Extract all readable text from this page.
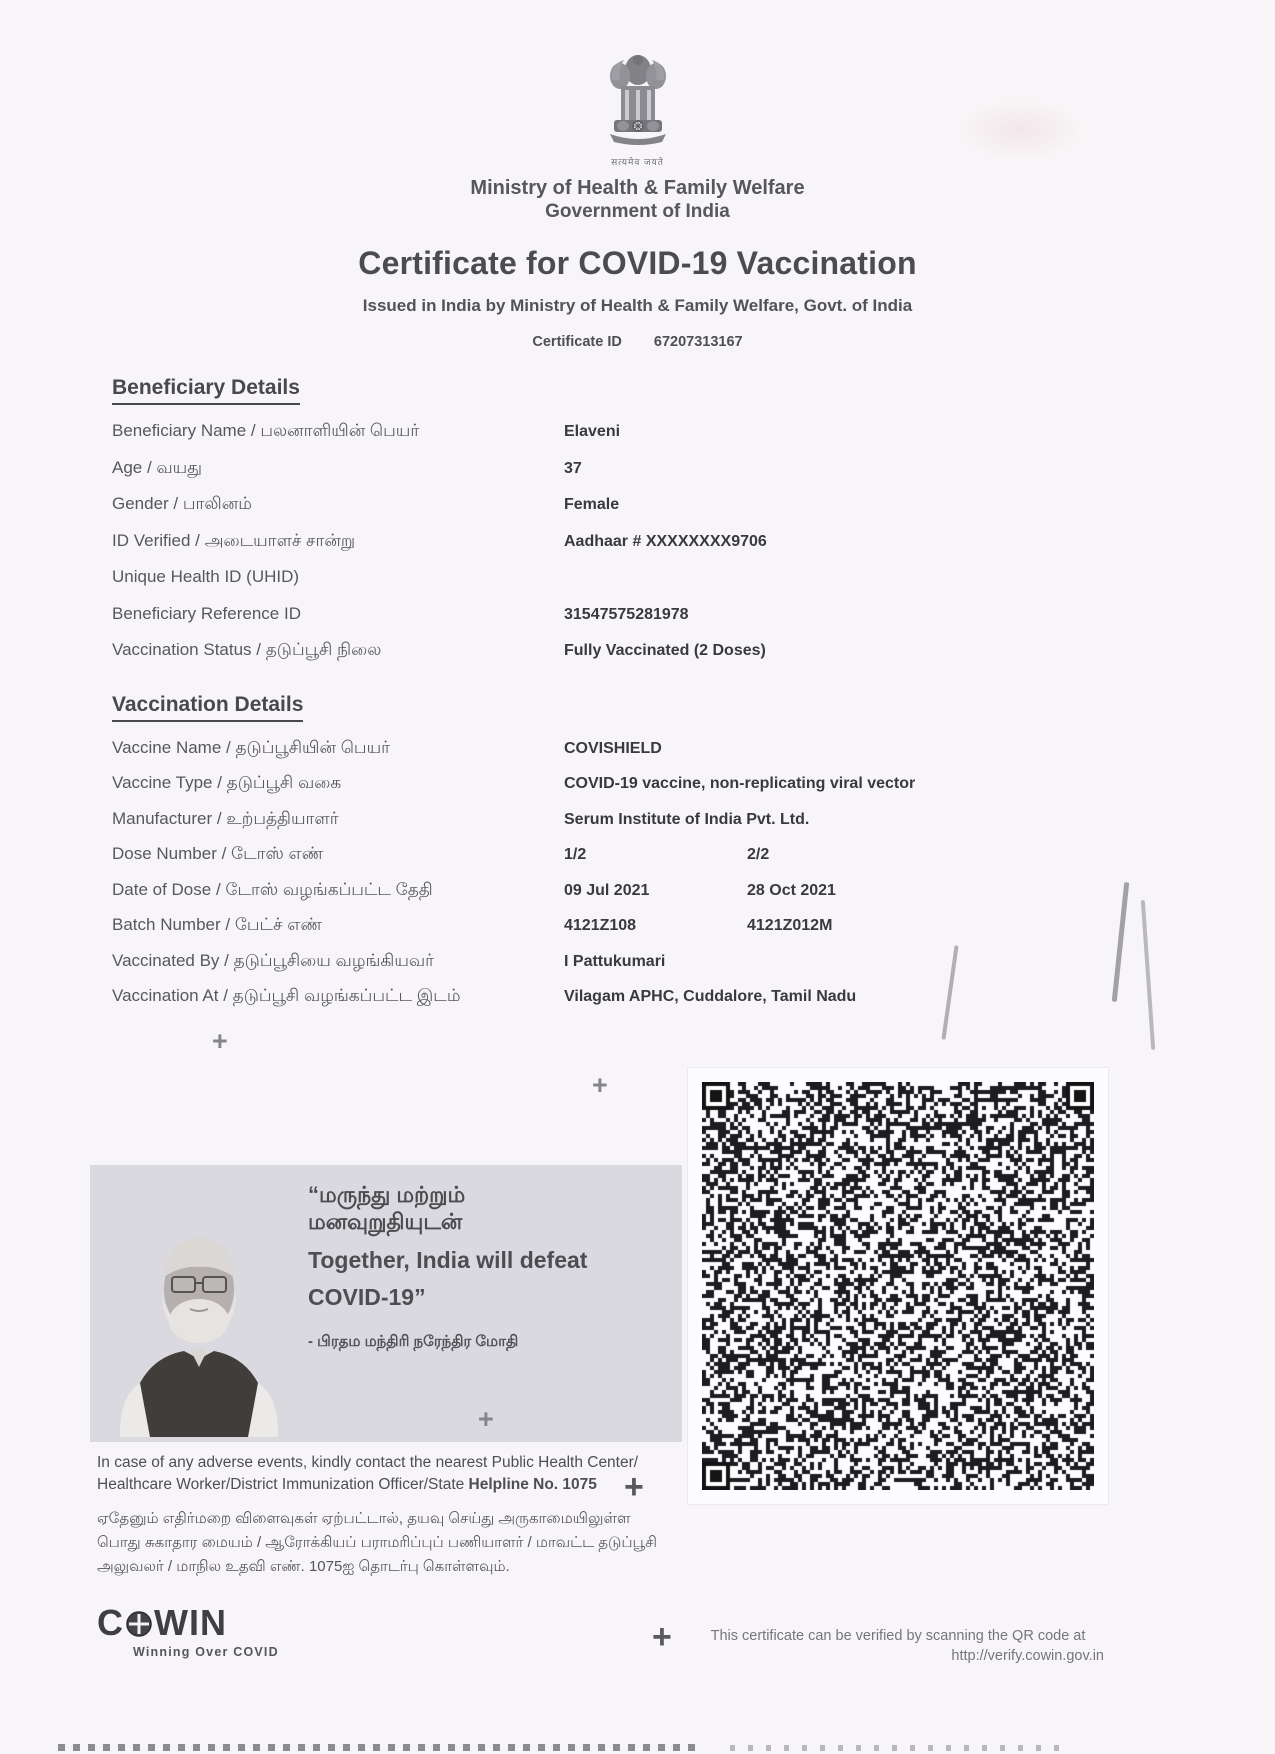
सत्यमेव जयते
Ministry of Health & Family Welfare
Government of India
Certificate for COVID-19 Vaccination
Issued in India by Ministry of Health & Family Welfare, Govt. of India
Certificate ID 67207313167
Beneficiary Details
Beneficiary Name / பலனாளியின் பெயர்	Elaveni
Age / வயது	37
Gender / பாலினம்	Female
ID Verified / அடையாளச் சான்று	Aadhaar # XXXXXXXX9706
Unique Health ID (UHID)
Beneficiary Reference ID	31547575281978
Vaccination Status / தடுப்பூசி நிலை	Fully Vaccinated (2 Doses)
Vaccination Details
Vaccine Name / தடுப்பூசியின் பெயர்	COVISHIELD
Vaccine Type / தடுப்பூசி வகை	COVID-19 vaccine, non-replicating viral vector
Manufacturer / உற்பத்தியாளர்	Serum Institute of India Pvt. Ltd.
Dose Number / டோஸ் எண்	1/2	2/2
Date of Dose / டோஸ் வழங்கப்பட்ட தேதி	09 Jul 2021	28 Oct 2021
Batch Number / பேட்ச் எண்	4121Z108	4121Z012M
Vaccinated By / தடுப்பூசியை வழங்கியவர்	I Pattukumari
Vaccination At / தடுப்பூசி வழங்கப்பட்ட இடம்	Vilagam APHC, Cuddalore, Tamil Nadu
“மருந்து மற்றும்
மனவுறுதியுடன்
Together, India will defeat
COVID-19”
- பிரதம மந்திரி நரேந்திர மோதி
In case of any adverse events, kindly contact the nearest Public Health Center/
Healthcare Worker/District Immunization Officer/State Helpline No. 1075
ஏதேனும் எதிர்மறை விளைவுகள் ஏற்பட்டால், தயவு செய்து அருகாமையிலுள்ள பொது சுகாதார மையம் / ஆரோக்கியப் பராமரிப்புப் பணியாளர் / மாவட்ட தடுப்பூசி அலுவலர் / மாநில உதவி எண். 1075ஐ தொடர்பு கொள்ளவும்.
C WIN
Winning Over COVID
This certificate can be verified by scanning the QR code at
http://verify.cowin.gov.in
+
+
+
+
+
